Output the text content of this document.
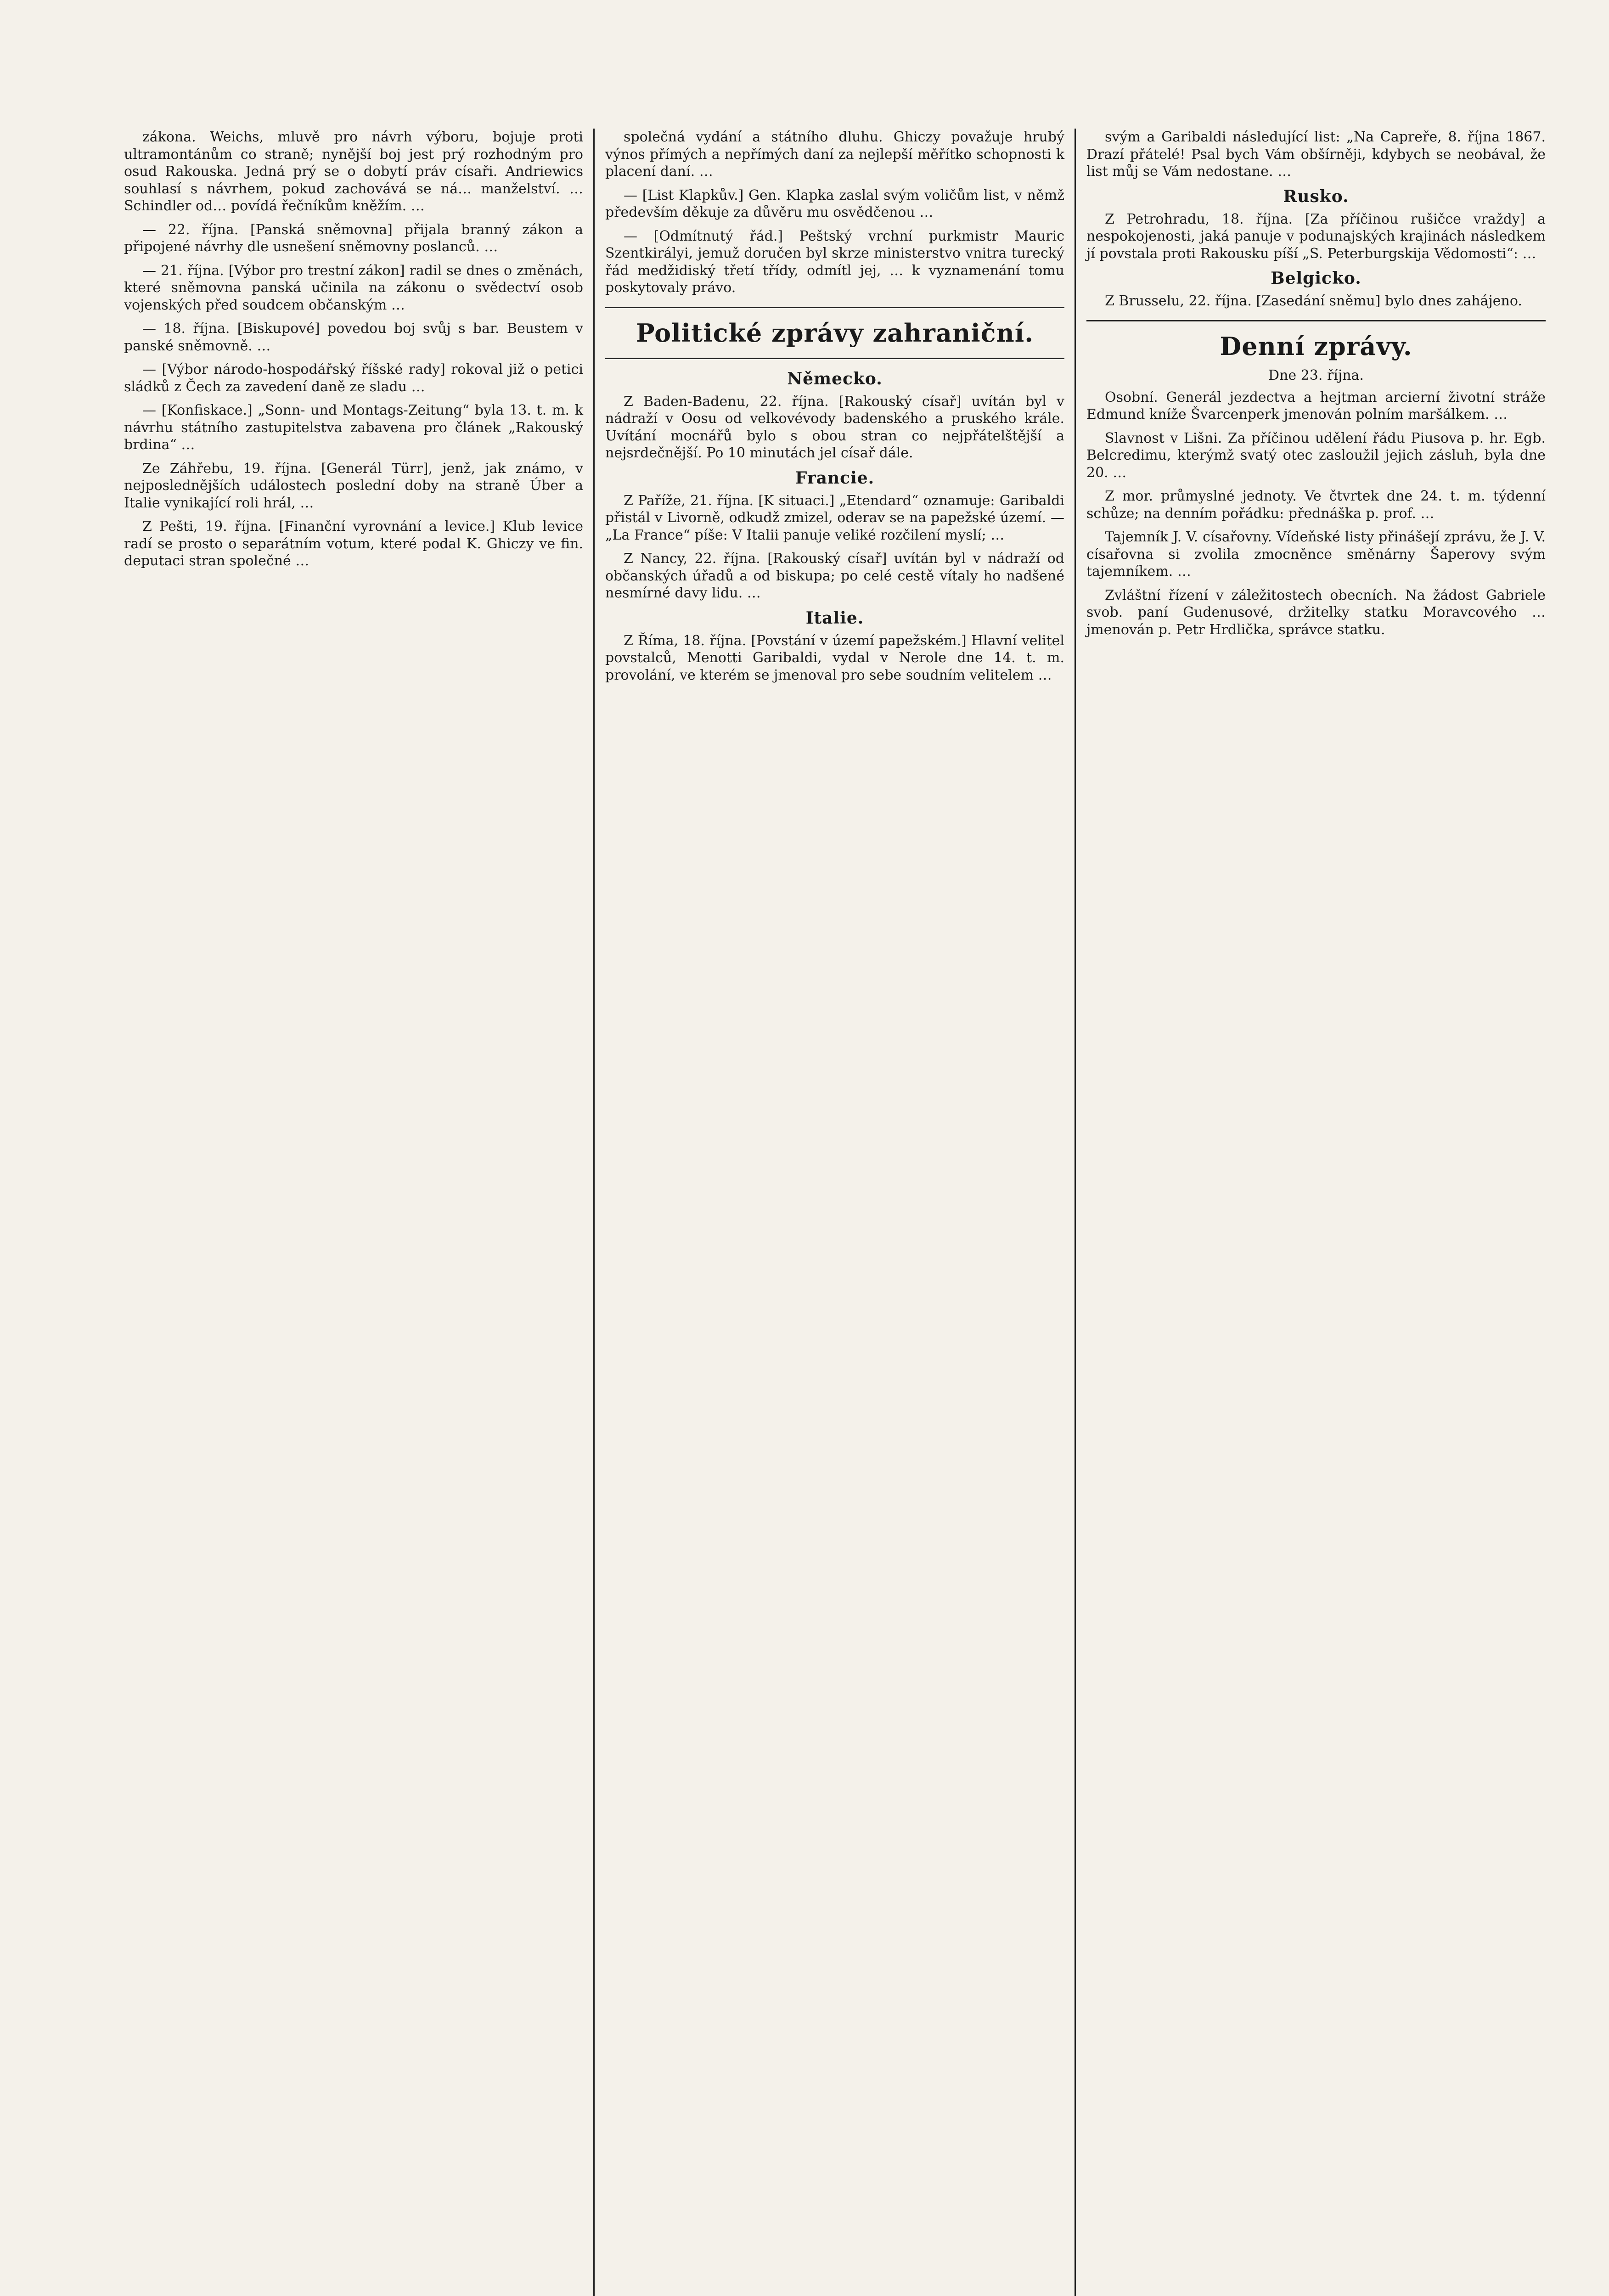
zákona. Weichs, mluvě pro návrh výboru, bojuje proti ultramontánům co straně; nynější boj jest prý rozhodným pro osud Rakouska. Jedná prý se o dobytí práv císaři. Andriewics souhlasí s návrhem, pokud zachovává se ná… manželství. … Schindler od… povídá řečníkům kněžím. …

— 22. října. [Panská sněmovna] přijala branný zákon a připojené návrhy dle usnešení sněmovny poslanců. …

— 21. října. [Výbor pro trestní zákon] radil se dnes o změnách, které sněmovna panská učinila na zákonu o svědectví osob vojenských před soudcem občanským …

— 18. října. [Biskupové] povedou boj svůj s bar. Beustem v panské sněmovně. …

— [Výbor národo-hospodářský říšské rady] rokoval již o petici sládků z Čech za zavedení daně ze sladu …

— [Konfiskace.] „Sonn- und Montags-Zeitung“ byla 13. t. m. k návrhu státního zastupitelstva zabavena pro článek „Rakouský brdina“ …

Ze Záhřebu, 19. října. [Generál Türr], jenž, jak známo, v nejposlednějších událostech poslední doby na straně Úber a Italie vynikající roli hrál, …

Z Pešti, 19. října. [Finanční vyrovnání a levice.] Klub levice radí se prosto o separátním votum, které podal K. Ghiczy ve fin. deputaci stran společné …

společná vydání a státního dluhu. Ghiczy považuje hrubý výnos přímých a nepřímých daní za nejlepší měřítko schopnosti k placení daní. …

— [List Klapkův.] Gen. Klapka zaslal svým voličům list, v němž především děkuje za důvěru mu osvědčenou …

— [Odmítnutý řád.] Peštský vrchní purkmistr Mauric Szentkirályi, jemuž doručen byl skrze ministerstvo vnitra turecký řád medžidiský třetí třídy, odmítl jej, … k vyznamenání tomu poskytovaly právo.

Politické zprávy zahraniční.
Německo.

Z Baden-Badenu, 22. října. [Rakouský císař] uvítán byl v nádraží v Oosu od velkovévody badenského a pruského krále. Uvítání mocnářů bylo s obou stran co nejpřátelštější a nejsrdečnější. Po 10 minutách jel císař dále.

Francie.

Z Paříže, 21. října. [K situaci.] „Etendard“ oznamuje: Garibaldi přistál v Livorně, odkudž zmizel, oderav se na papežské území. — „La France“ píše: V Italii panuje veliké rozčilení myslí; …

Z Nancy, 22. října. [Rakouský císař] uvítán byl v nádraží od občanských úřadů a od biskupa; po celé cestě vítaly ho nadšené nesmírné davy lidu. …

Italie.

Z Říma, 18. října. [Povstání v území papežském.] Hlavní velitel povstalců, Menotti Garibaldi, vydal v Nerole dne 14. t. m. provolání, ve kterém se jmenoval pro sebe soudním velitelem …

svým a Garibaldi následující list: „Na Capreře, 8. října 1867. Drazí přátelé! Psal bych Vám obšírněji, kdybych se neobával, že list můj se Vám nedostane. …

Rusko.

Z Petrohradu, 18. října. [Za příčinou rušičce vraždy] a nespokojenosti, jaká panuje v podunajských krajinách následkem jí povstala proti Rakousku píší „S. Peterburgskija Vědomosti“: …

Belgicko.

Z Brusselu, 22. října. [Zasedání sněmu] bylo dnes zahájeno.

Denní zprávy.
Dne 23. října.

Osobní. Generál jezdectva a hejtman arcierní životní stráže Edmund kníže Švarcenperk jmenován polním maršálkem. …

Slavnost v Lišni. Za příčinou udělení řádu Piusova p. hr. Egb. Belcredimu, kterýmž svatý otec zasloužil jejich zásluh, byla dne 20. …

Z mor. průmyslné jednoty. Ve čtvrtek dne 24. t. m. týdenní schůze; na denním pořádku: přednáška p. prof. …

Tajemník J. V. císařovny. Vídeňské listy přinášejí zprávu, že J. V. císařovna si zvolila zmocněnce směnárny Šaperovy svým tajemníkem. …

Zvláštní řízení v záležitostech obecních. Na žádost Gabriele svob. paní Gudenusové, držitelky statku Moravcového … jmenován p. Petr Hrdlička, správce statku.
